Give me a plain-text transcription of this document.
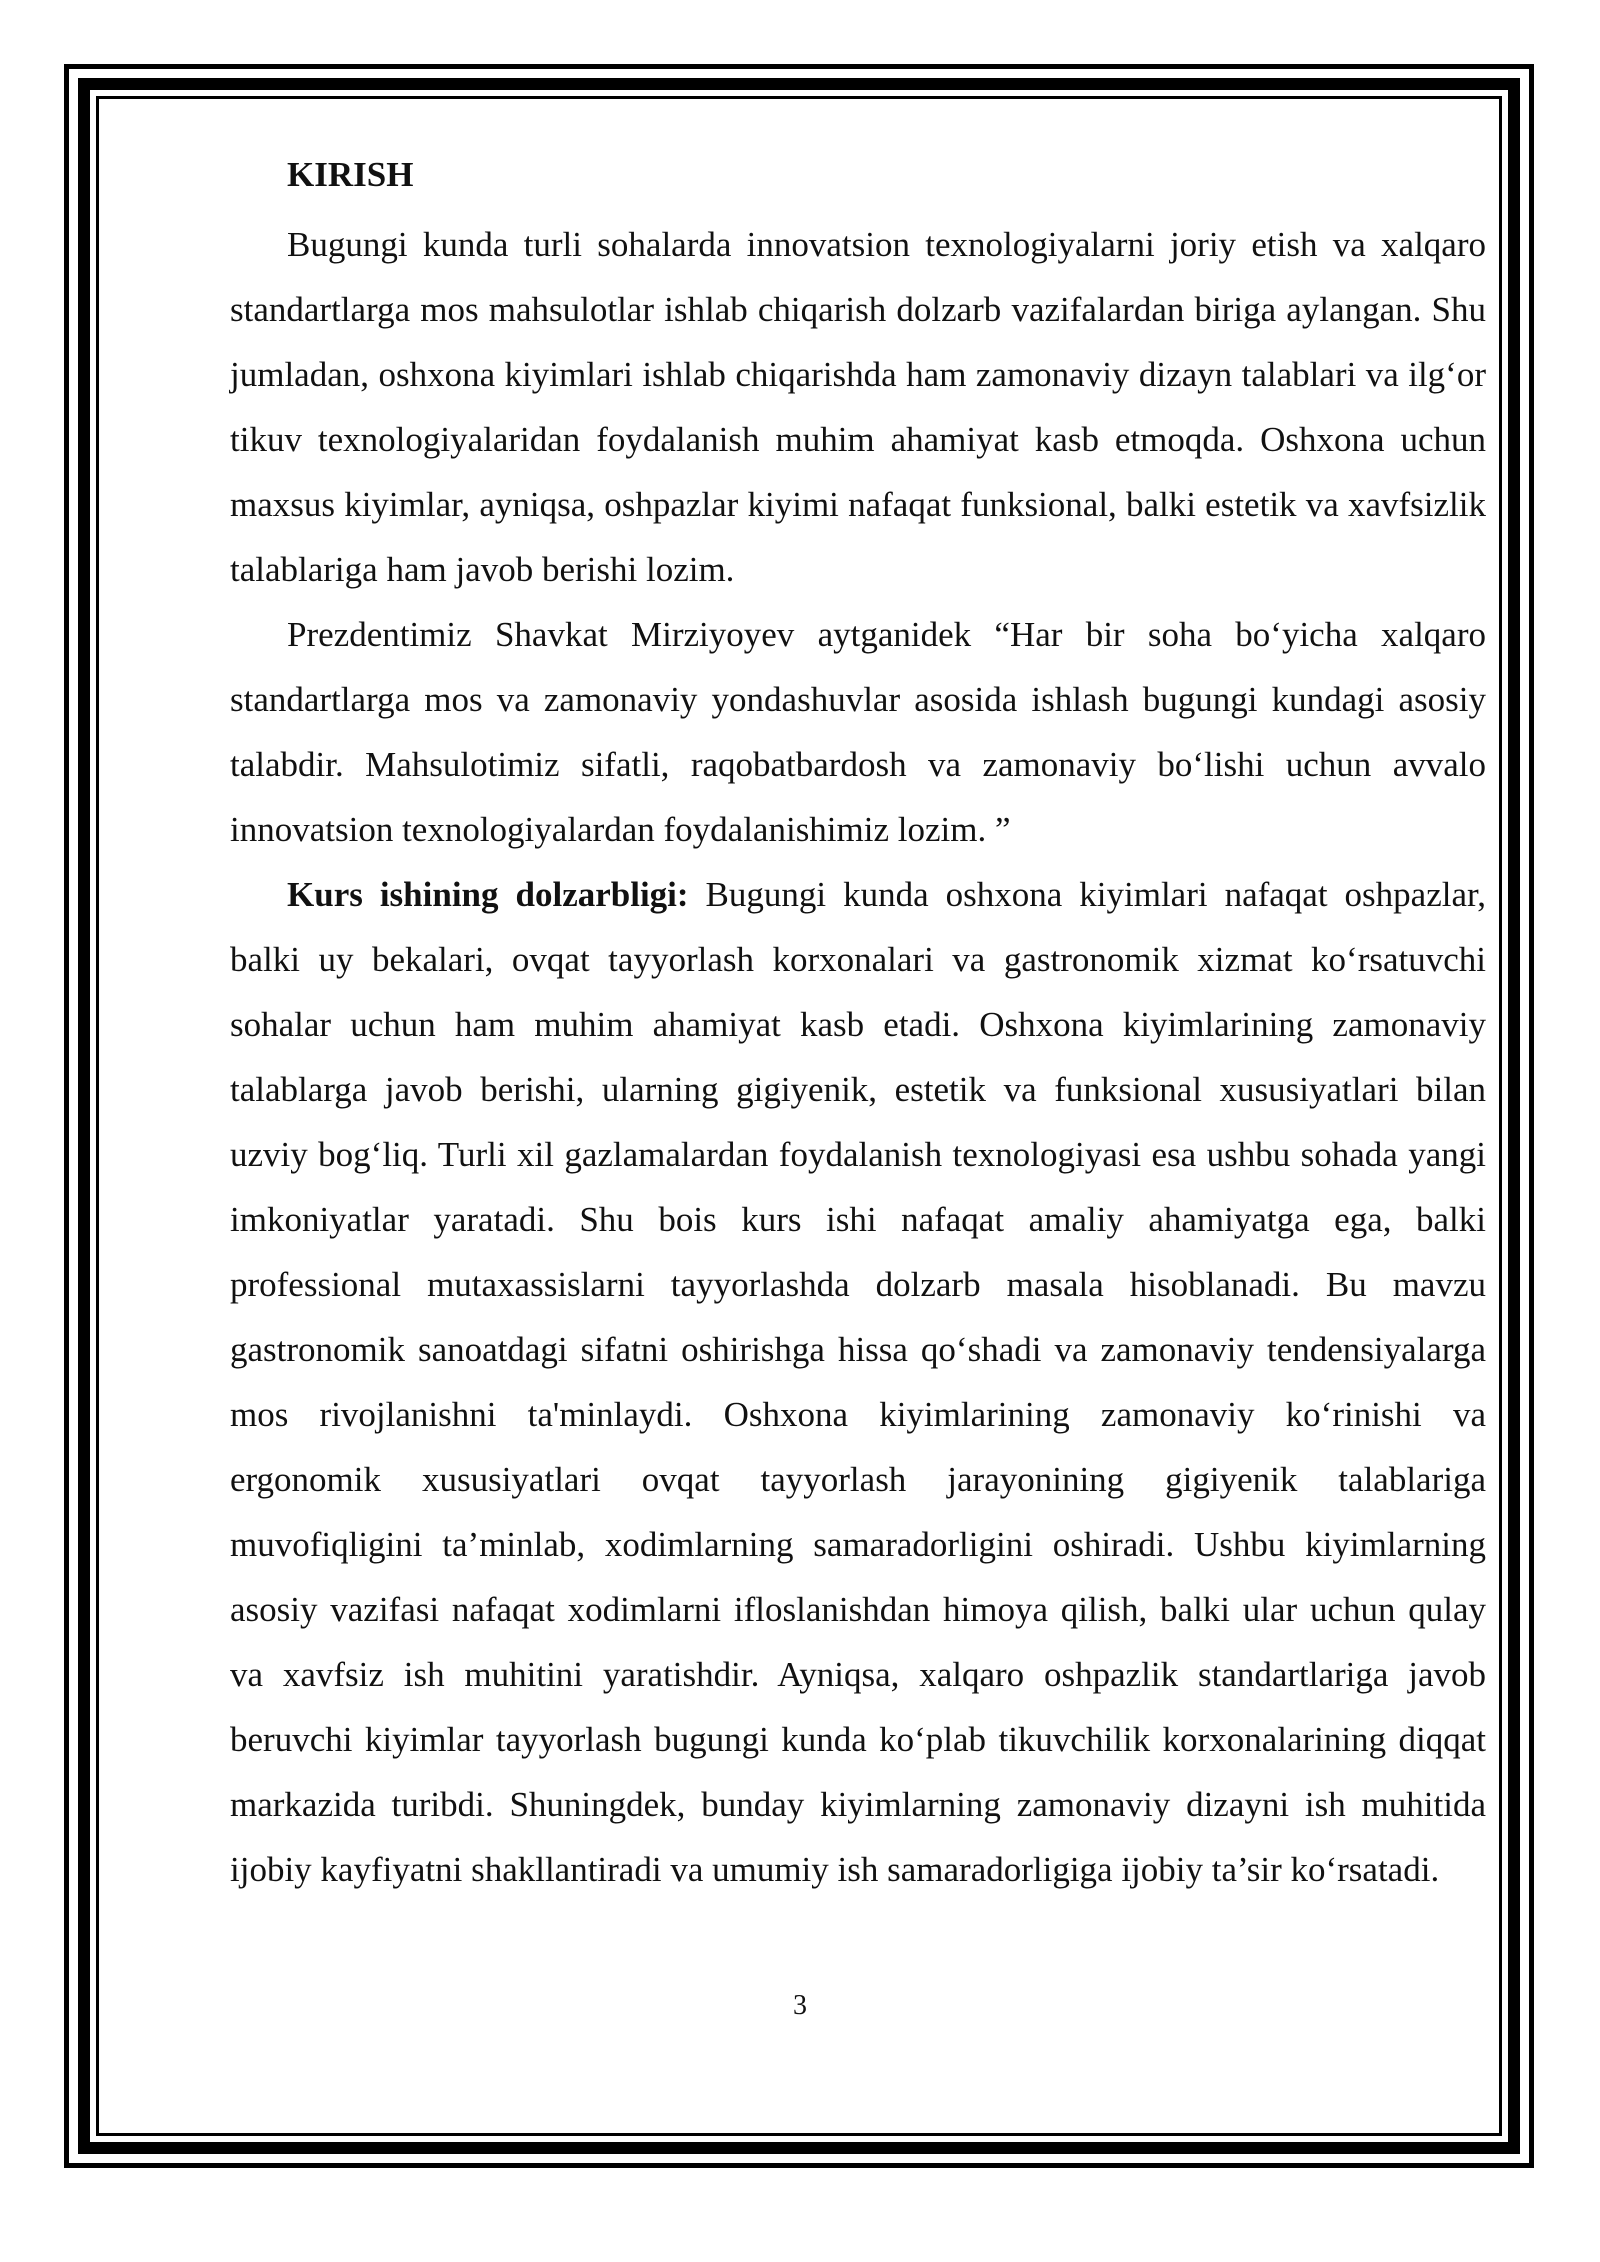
KIRISH

Bugungi kunda turli sohalarda innovatsion texnologiyalarni joriy etish va xalqaro standartlarga mos mahsulotlar ishlab chiqarish dolzarb vazifalardan biriga aylangan. Shu jumladan, oshxona kiyimlari ishlab chiqarishda ham zamonaviy dizayn talablari va ilg‘or tikuv texnologiyalaridan foydalanish muhim ahamiyat kasb etmoqda. Oshxona uchun maxsus kiyimlar, ayniqsa, oshpazlar kiyimi nafaqat funksional, balki estetik va xavfsizlik talablariga ham javob berishi lozim.

Prezdentimiz Shavkat Mirziyoyev aytganidek “Har bir soha bo‘yicha xalqaro standartlarga mos va zamonaviy yondashuvlar asosida ishlash bugungi kundagi asosiy talabdir. Mahsulotimiz sifatli, raqobatbardosh va zamonaviy bo‘lishi uchun avvalo innovatsion texnologiyalardan foydalanishimiz lozim. ”

Kurs ishining dolzarbligi: Bugungi kunda oshxona kiyimlari nafaqat oshpazlar, balki uy bekalari, ovqat tayyorlash korxonalari va gastronomik xizmat ko‘rsatuvchi sohalar uchun ham muhim ahamiyat kasb etadi. Oshxona kiyimlarining zamonaviy talablarga javob berishi, ularning gigiyenik, estetik va funksional xususiyatlari bilan uzviy bog‘liq. Turli xil gazlamalardan foydalanish texnologiyasi esa ushbu sohada yangi imkoniyatlar yaratadi. Shu bois kurs ishi nafaqat amaliy ahamiyatga ega, balki professional mutaxassislarni tayyorlashda dolzarb masala hisoblanadi. Bu mavzu gastronomik sanoatdagi sifatni oshirishga hissa qo‘shadi va zamonaviy tendensiyalarga mos rivojlanishni ta'minlaydi. Oshxona kiyimlarining zamonaviy ko‘rinishi va ergonomik xususiyatlari ovqat tayyorlash jarayonining gigiyenik talablariga muvofiqligini ta’minlab, xodimlarning samaradorligini oshiradi. Ushbu kiyimlarning asosiy vazifasi nafaqat xodimlarni ifloslanishdan himoya qilish, balki ular uchun qulay va xavfsiz ish muhitini yaratishdir. Ayniqsa, xalqaro oshpazlik standartlariga javob beruvchi kiyimlar tayyorlash bugungi kunda ko‘plab tikuvchilik korxonalarining diqqat markazida turibdi. Shuningdek, bunday kiyimlarning zamonaviy dizayni ish muhitida ijobiy kayfiyatni shakllantiradi va umumiy ish samaradorligiga ijobiy ta’sir ko‘rsatadi.

3
